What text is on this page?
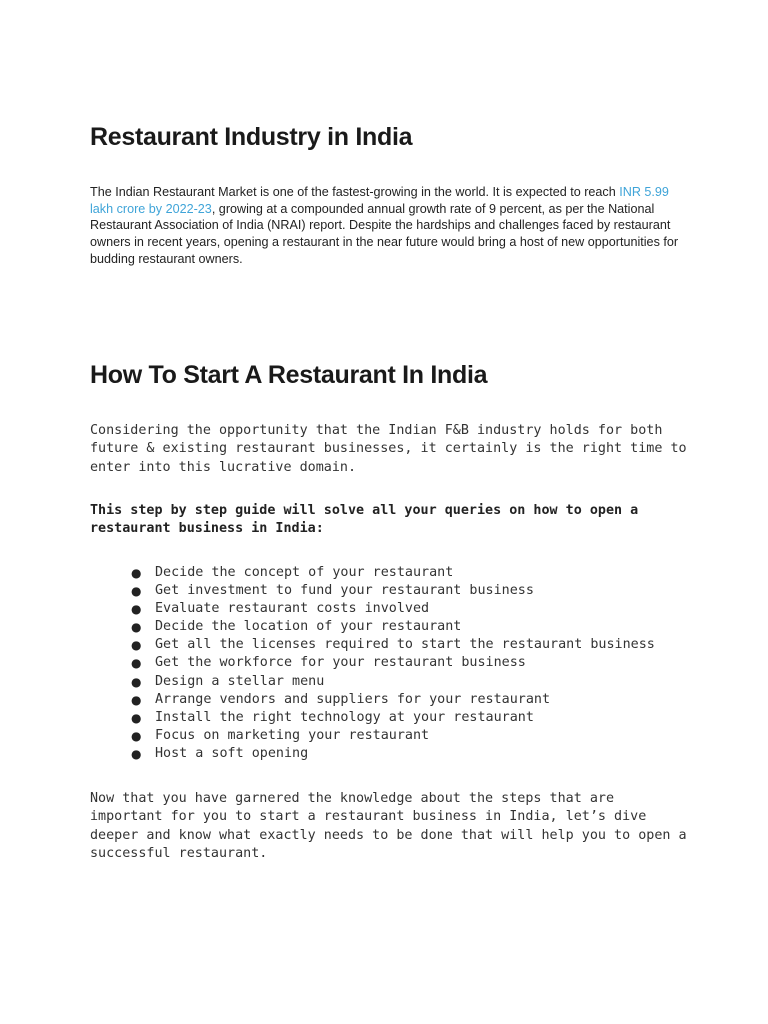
Restaurant Industry in India

The Indian Restaurant Market is one of the fastest-growing in the world. It is expected to reach INR 5.99 lakh crore by 2022-23, growing at a compounded annual growth rate of 9 percent, as per the National Restaurant Association of India (NRAI) report. Despite the hardships and challenges faced by restaurant owners in recent years, opening a restaurant in the near future would bring a host of new opportunities for budding restaurant owners.

How To Start A Restaurant In India

Considering the opportunity that the Indian F&B industry holds for both future & existing restaurant businesses, it certainly is the right time to enter into this lucrative domain.

This step by step guide will solve all your queries on how to open a restaurant business in India:

● Decide the concept of your restaurant
● Get investment to fund your restaurant business
● Evaluate restaurant costs involved
● Decide the location of your restaurant
● Get all the licenses required to start the restaurant business
● Get the workforce for your restaurant business
● Design a stellar menu
● Arrange vendors and suppliers for your restaurant
● Install the right technology at your restaurant
● Focus on marketing your restaurant
● Host a soft opening

Now that you have garnered the knowledge about the steps that are important for you to start a restaurant business in India, let’s dive deeper and know what exactly needs to be done that will help you to open a successful restaurant.
